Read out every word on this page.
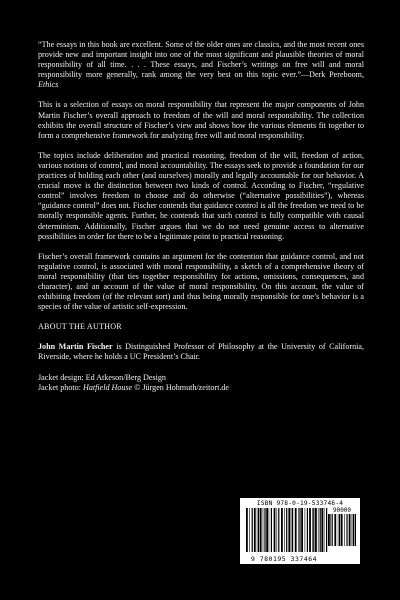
“The essays in this book are excellent. Some of the older ones are classics, and the most recent ones provide new and important insight into one of the most significant and plausible theories of moral responsibility of all time. . . . These essays, and Fischer’s writings on free will and moral responsibility more generally, rank among the very best on this topic ever.”—Derk Pereboom, Ethics

This is a selection of essays on moral responsibility that represent the major components of John Martin Fischer’s overall approach to freedom of the will and moral responsibility. The collection exhibits the overall structure of Fischer’s view and shows how the various elements fit together to form a comprehensive framework for analyzing free will and moral responsibility.

The topics include deliberation and practical reasoning, freedom of the will, freedom of action, various notions of control, and moral accountability. The essays seek to provide a foundation for our practices of holding each other (and ourselves) morally and legally accountable for our behavior. A crucial move is the distinction between two kinds of control. According to Fischer, “regulative control” involves freedom to choose and do otherwise (“alternative possibilities”), whereas “guidance control” does not. Fischer contends that guidance control is all the freedom we need to be morally responsible agents. Further, he contends that such control is fully compatible with causal determinism. Additionally, Fischer argues that we do not need genuine access to alternative possibilities in order for there to be a legitimate point to practical reasoning.

Fischer’s overall framework contains an argument for the contention that guidance control, and not regulative control, is associated with moral responsibility, a sketch of a comprehensive theory of moral responsibility (that ties together responsibility for actions, omissions, consequences, and character), and an account of the value of moral responsibility. On this account, the value of exhibiting freedom (of the relevant sort) and thus being morally responsible for one’s behavior is a species of the value of artistic self-expression.

ABOUT THE AUTHOR

John Martin Fischer is Distinguished Professor of Philosophy at the University of California, Riverside, where he holds a UC President’s Chair.

Jacket design: Ed Atkeson/Berg Design
Jacket photo: Hatfield House © Jürgen Hohmuth/zeitort.de
ISBN 978-0-19-533746-4
90000
9 780195 337464
